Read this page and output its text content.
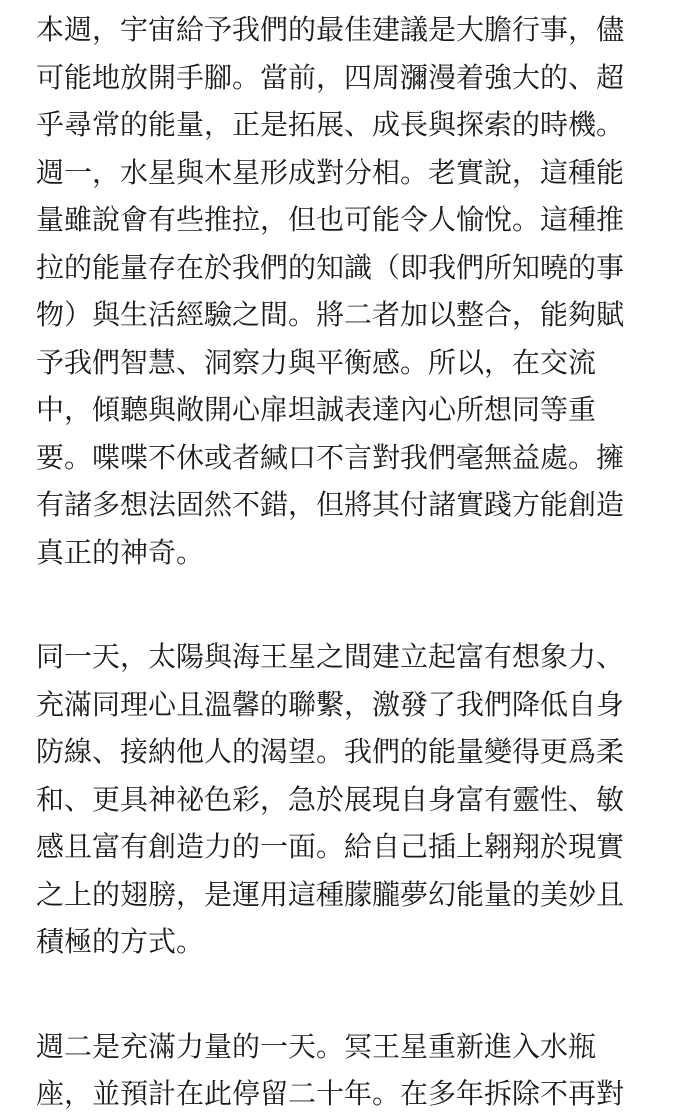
本週，宇宙給予我們的最佳建議是大膽行事，儘
可能地放開手腳。當前，四周瀰漫着強大的、超
乎尋常的能量，正是拓展、成長與探索的時機。
週一，水星與木星形成對分相。老實說，這種能
量雖說會有些推拉，但也可能令人愉悅。這種推
拉的能量存在於我們的知識（即我們所知曉的事
物）與生活經驗之間。將二者加以整合，能夠賦
予我們智慧、洞察力與平衡感。所以，在交流
中，傾聽與敞開心扉坦誠表達內心所想同等重
要。喋喋不休或者緘口不言對我們毫無益處。擁
有諸多想法固然不錯，但將其付諸實踐方能創造
真正的神奇。
同一天，太陽與海王星之間建立起富有想象力、
充滿同理心且溫馨的聯繫，激發了我們降低自身
防線、接納他人的渴望。我們的能量變得更爲柔
和、更具神祕色彩，急於展現自身富有靈性、敏
感且富有創造力的一面。給自己插上翱翔於現實
之上的翅膀，是運用這種朦朧夢幻能量的美妙且
積極的方式。
週二是充滿力量的一天。冥王星重新進入水瓶
座，並預計在此停留二十年。在多年拆除不再對
